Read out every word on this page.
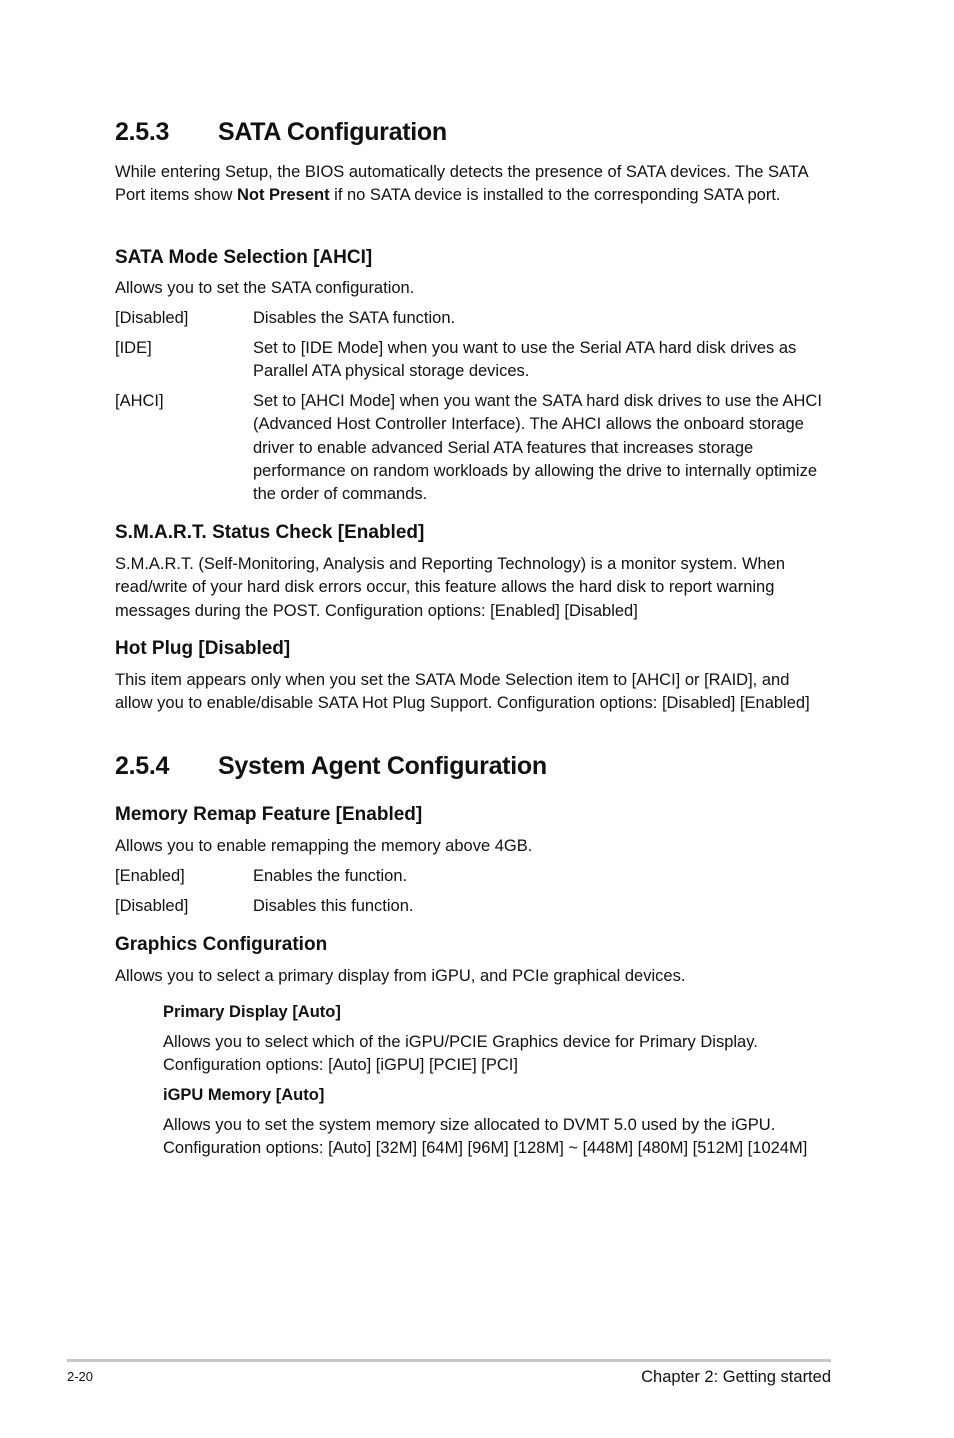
2.5.3 SATA Configuration

While entering Setup, the BIOS automatically detects the presence of SATA devices. The SATA Port items show Not Present if no SATA device is installed to the corresponding SATA port.

SATA Mode Selection [AHCI]

Allows you to set the SATA configuration.

[Disabled]	Disables the SATA function.
[IDE]	Set to [IDE Mode] when you want to use the Serial ATA hard disk drives as Parallel ATA physical storage devices.
[AHCI]	Set to [AHCI Mode] when you want the SATA hard disk drives to use the AHCI (Advanced Host Controller Interface). The AHCI allows the onboard storage driver to enable advanced Serial ATA features that increases storage performance on random workloads by allowing the drive to internally optimize the order of commands.
S.M.A.R.T. Status Check [Enabled]

S.M.A.R.T. (Self-Monitoring, Analysis and Reporting Technology) is a monitor system. When read/write of your hard disk errors occur, this feature allows the hard disk to report warning messages during the POST. Configuration options: [Enabled] [Disabled]

Hot Plug [Disabled]

This item appears only when you set the SATA Mode Selection item to [AHCI] or [RAID], and allow you to enable/disable SATA Hot Plug Support. Configuration options: [Disabled] [Enabled]

2.5.4 System Agent Configuration
Memory Remap Feature [Enabled]

Allows you to enable remapping the memory above 4GB.

[Enabled]	Enables the function.
[Disabled]	Disables this function.
Graphics Configuration

Allows you to select a primary display from iGPU, and PCIe graphical devices.

Primary Display [Auto]

Allows you to select which of the iGPU/PCIE Graphics device for Primary Display. Configuration options: [Auto] [iGPU] [PCIE] [PCI]

iGPU Memory [Auto]

Allows you to set the system memory size allocated to DVMT 5.0 used by the iGPU. Configuration options: [Auto] [32M] [64M] [96M] [128M] ~ [448M] [480M] [512M] [1024M]

2-20	Chapter 2: Getting started
